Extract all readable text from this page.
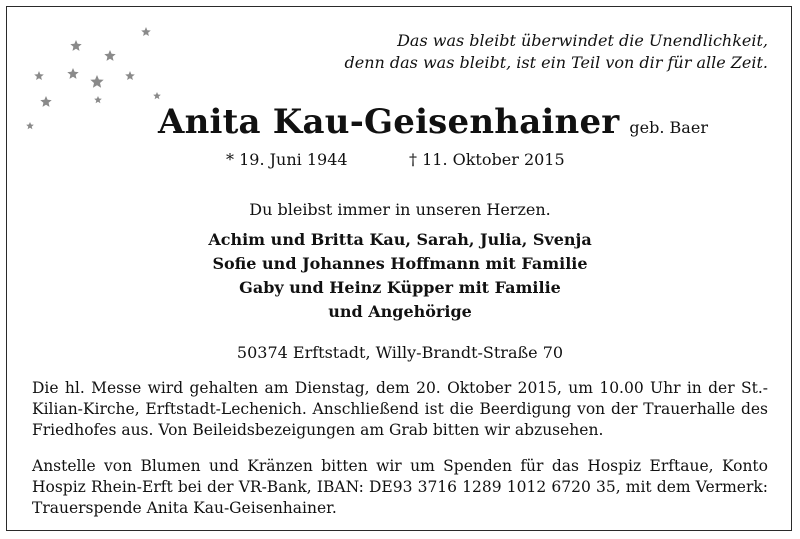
Das was bleibt überwindet die Unendlichkeit,
denn das was bleibt, ist ein Teil von dir für alle Zeit.
Anita Kau-Geisenhainer geb. Baer
* 19. Juni 1944	† 11. Oktober 2015
Du bleibst immer in unseren Herzen.
Achim und Britta Kau, Sarah, Julia, Svenja
Sofie und Johannes Hoffmann mit Familie
Gaby und Heinz Küpper mit Familie
und Angehörige
50374 Erftstadt, Willy-Brandt-Straße 70
Die hl. Messe wird gehalten am Dienstag, dem 20. Oktober 2015, um 10.00 Uhr in der St.-Kilian-Kirche, Erftstadt-Lechenich. Anschließend ist die Beerdigung von der Trauerhalle des Friedhofes aus. Von Beileidsbezeigungen am Grab bitten wir abzusehen.
Anstelle von Blumen und Kränzen bitten wir um Spenden für das Hospiz Erftaue, Konto Hospiz Rhein-Erft bei der VR-Bank, IBAN: DE93 3716 1289 1012 6720 35, mit dem Vermerk: Trauerspende Anita Kau-Geisenhainer.
